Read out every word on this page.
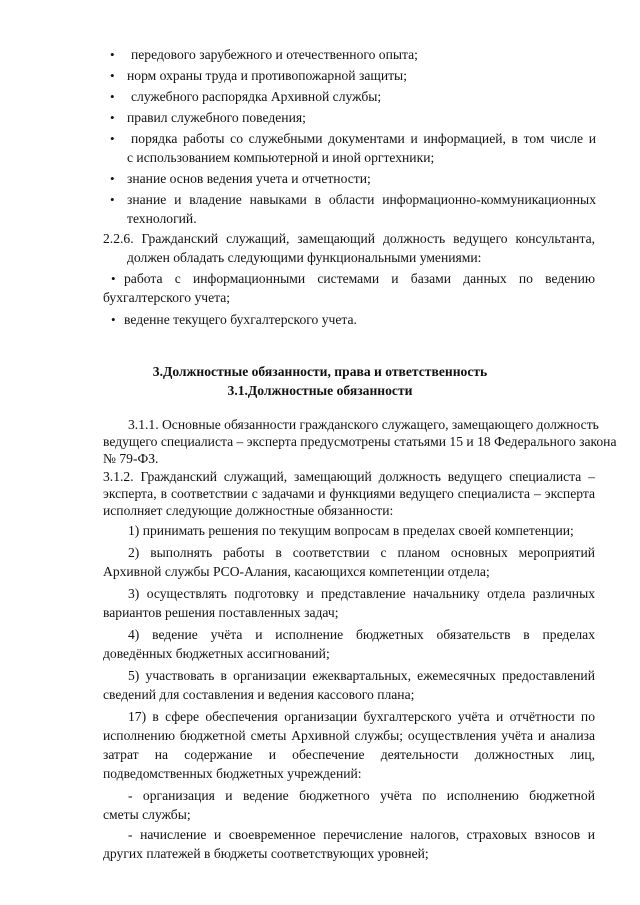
• передового зарубежного и отечественного опыта;
• норм охраны труда и противопожарной защиты;
• служебного распорядка Архивной службы;
• правил служебного поведения;
• порядка работы со служебными документами и информацией, в том числе и
с использованием компьютерной и иной оргтехники;
• знание основ ведения учета и отчетности;
• знание и владение навыками в области информационно-коммуникационных
технологий.
2.2.6. Гражданский служащий, замещающий должность ведущего консультанта,
должен обладать следующими функциональными умениями:
• работа с информационными системами и базами данных по ведению
бухгалтерского учета;
• веденне текущего бухгалтерского учета.
3.Должностные обязанности, права и ответственность
3.1.Должностные обязанности
3.1.1. Основные обязанности гражданского служащего, замещающего должность
ведущего специалиста – эксперта предусмотрены статьями 15 и 18 Федерального закона
№ 79-ФЗ.
3.1.2. Гражданский служащий, замещающий должность ведущего специалиста –
эксперта, в соответствии с задачами и функциями ведущего специалиста – эксперта
исполняет следующие должностные обязанности:
1) принимать решения по текущим вопросам в пределах своей компетенции;
2) выполнять работы в соответствии с планом основных мероприятий
Архивной службы РСО-Алания, касающихся компетенции отдела;
3) осуществлять подготовку и представление начальнику отдела различных
вариантов решения поставленных задач;
4) ведение учёта и исполнение бюджетных обязательств в пределах
доведённых бюджетных ассигнований;
5) участвовать в организации ежеквартальных, ежемесячных предоставлений
сведений для составления и ведения кассового плана;
17) в сфере обеспечения организации бухгалтерского учёта и отчётности по
исполнению бюджетной сметы Архивной службы; осуществления учёта и анализа
затрат на содержание и обеспечение деятельности должностных лиц,
подведомственных бюджетных учреждений:
- организация и ведение бюджетного учёта по исполнению бюджетной
сметы службы;
- начисление и своевременное перечисление налогов, страховых взносов и
других платежей в бюджеты соответствующих уровней;
